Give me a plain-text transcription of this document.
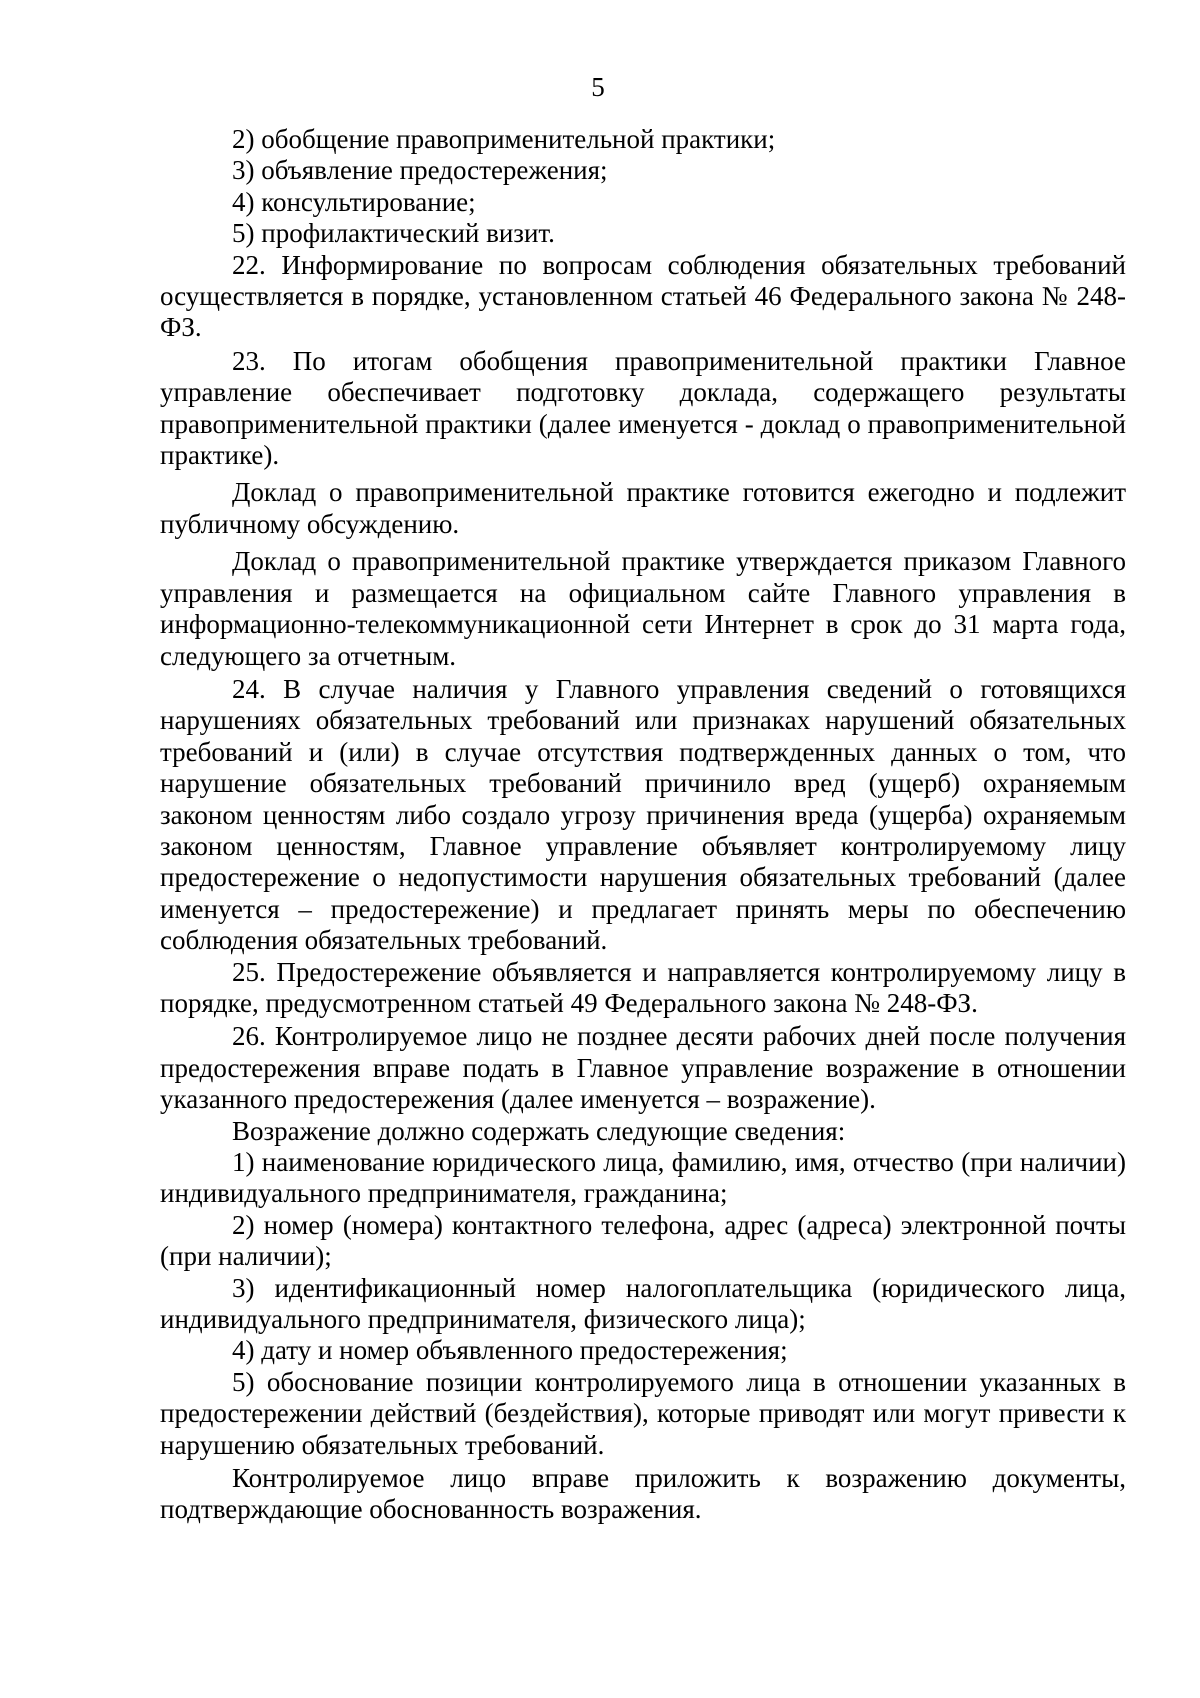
5

2) обобщение правоприменительной практики;

3) объявление предостережения;

4) консультирование;

5) профилактический визит.

22. Информирование по вопросам соблюдения обязательных требований осуществляется в порядке, установленном статьей 46 Федерального закона № 248-ФЗ.

23. По итогам обобщения правоприменительной практики Главное управление обеспечивает подготовку доклада, содержащего результаты правоприменительной практики (далее именуется - доклад о правоприменительной практике).

Доклад о правоприменительной практике готовится ежегодно и подлежит публичному обсуждению.

Доклад о правоприменительной практике утверждается приказом Главного управления и размещается на официальном сайте Главного управления в информационно-телекоммуникационной сети Интернет в срок до 31 марта года, следующего за отчетным.

24. В случае наличия у Главного управления сведений о готовящихся нарушениях обязательных требований или признаках нарушений обязательных требований и (или) в случае отсутствия подтвержденных данных о том, что нарушение обязательных требований причинило вред (ущерб) охраняемым законом ценностям либо создало угрозу причинения вреда (ущерба) охраняемым законом ценностям, Главное управление объявляет контролируемому лицу предостережение о недопустимости нарушения обязательных требований (далее именуется – предостережение) и предлагает принять меры по обеспечению соблюдения обязательных требований.

25. Предостережение объявляется и направляется контролируемому лицу в порядке, предусмотренном статьей 49 Федерального закона № 248-ФЗ.

26. Контролируемое лицо не позднее десяти рабочих дней после получения предостережения вправе подать в Главное управление возражение в отношении указанного предостережения (далее именуется – возражение).

Возражение должно содержать следующие сведения:

1) наименование юридического лица, фамилию, имя, отчество (при наличии) индивидуального предпринимателя, гражданина;

2) номер (номера) контактного телефона, адрес (адреса) электронной почты (при наличии);

3) идентификационный номер налогоплательщика (юридического лица, индивидуального предпринимателя, физического лица);

4) дату и номер объявленного предостережения;

5) обоснование позиции контролируемого лица в отношении указанных в предостережении действий (бездействия), которые приводят или могут привести к нарушению обязательных требований.

Контролируемое лицо вправе приложить к возражению документы, подтверждающие обоснованность возражения.
